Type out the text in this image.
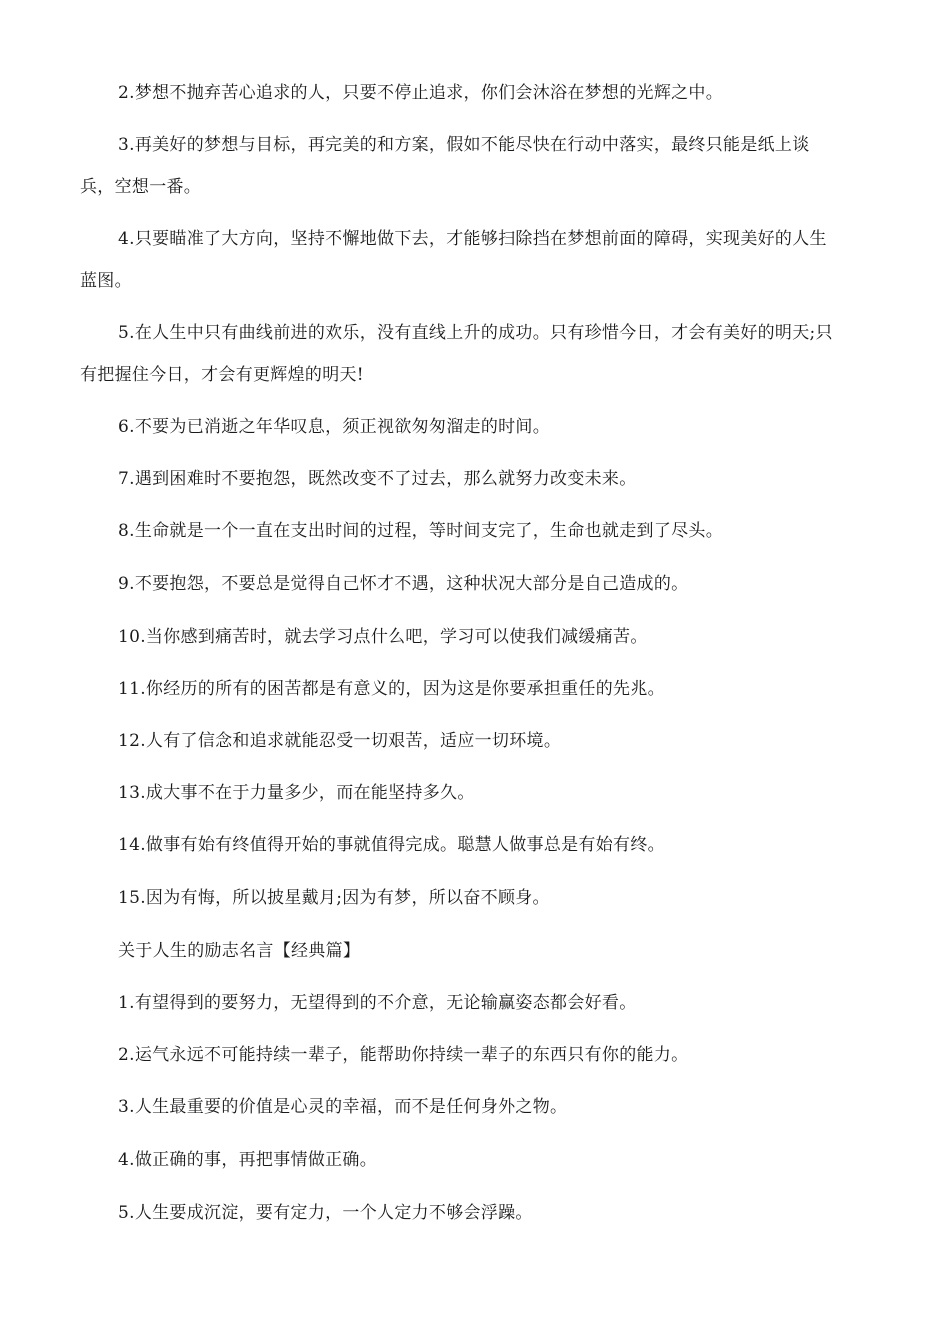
2.梦想不抛弃苦心追求的人，只要不停止追求，你们会沐浴在梦想的光辉之中。
3.再美好的梦想与目标，再完美的和方案，假如不能尽快在行动中落实，最终只能是纸上谈
兵，空想一番。
4.只要瞄准了大方向，坚持不懈地做下去，才能够扫除挡在梦想前面的障碍，实现美好的人生
蓝图。
5.在人生中只有曲线前进的欢乐，没有直线上升的成功。只有珍惜今日，才会有美好的明天;只
有把握住今日，才会有更辉煌的明天!
6.不要为已消逝之年华叹息，须正视欲匆匆溜走的时间。
7.遇到困难时不要抱怨，既然改变不了过去，那么就努力改变未来。
8.生命就是一个一直在支出时间的过程，等时间支完了，生命也就走到了尽头。
9.不要抱怨，不要总是觉得自己怀才不遇，这种状况大部分是自己造成的。
10.当你感到痛苦时，就去学习点什么吧，学习可以使我们减缓痛苦。
11.你经历的所有的困苦都是有意义的，因为这是你要承担重任的先兆。
12.人有了信念和追求就能忍受一切艰苦，适应一切环境。
13.成大事不在于力量多少，而在能坚持多久。
14.做事有始有终值得开始的事就值得完成。聪慧人做事总是有始有终。
15.因为有悔，所以披星戴月;因为有梦，所以奋不顾身。
关于人生的励志名言【经典篇】
1.有望得到的要努力，无望得到的不介意，无论输赢姿态都会好看。
2.运气永远不可能持续一辈子，能帮助你持续一辈子的东西只有你的能力。
3.人生最重要的价值是心灵的幸福，而不是任何身外之物。
4.做正确的事，再把事情做正确。
5.人生要成沉淀，要有定力，一个人定力不够会浮躁。
